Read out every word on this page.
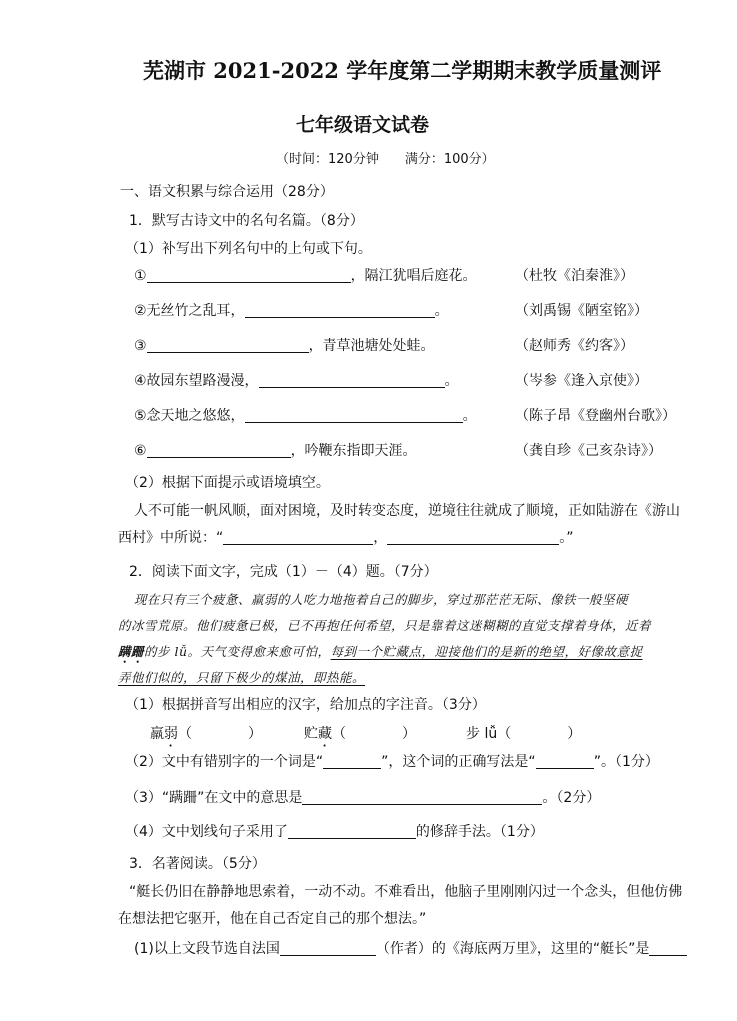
芜湖市 2021-2022 学年度第二学期期末教学质量测评
七年级语文试卷
（时间：120分钟　　满分：100分）
一、语文积累与综合运用（28分）
1．默写古诗文中的名句名篇。（8分）
（1）补写出下列名句中的上句或下句。
①	，隔江犹唱后庭花。	（杜牧《泊秦淮》）
②无丝竹之乱耳，	。	（刘禹锡《陋室铭》）
③	，青草池塘处处蛙。	（赵师秀《约客》）
④故园东望路漫漫，	。	（岑参《逢入京使》）
⑤念天地之悠悠，	。	（陈子昂《登幽州台歌》）
⑥	，吟鞭东指即天涯。	（龚自珍《己亥杂诗》）
（2）根据下面提示或语境填空。
人不可能一帆风顺，面对困境，及时转变态度，逆境往往就成了顺境，正如陆游在《游山
西村》中所说：“	，	。”
2．阅读下面文字，完成（1）－（4）题。（7分）
现在只有三个疲惫、羸弱的人吃力地拖着自己的脚步，穿过那茫茫无际、像铁一般坚硬
的冰雪荒原。他们疲惫已极，已不再抱任何希望，只是靠着这迷糊糊的直觉支撑着身体，近着
蹒跚的步 lǚ。天气变得愈来愈可怕，每到一个贮藏点，迎接他们的是新的绝望，好像故意捉
弄他们似的，只留下极少的煤油，即热能。
（1）根据拼音写出相应的汉字，给加点的字注音。（3分）
羸弱（	）	贮藏（	）	步 lǚ（	）
（2）文中有错别字的一个词是“	”，这个词的正确写法是“	”。（1分）
（3）“蹒跚”在文中的意思是	。（2分）
（4）文中划线句子采用了	的修辞手法。（1分）
3．名著阅读。（5分）
“艇长仍旧在静静地思索着，一动不动。不难看出，他脑子里刚刚闪过一个念头，但他仿佛
在想法把它驱开，他在自己否定自己的那个想法。”
(1)以上文段节选自法国	（作者）的《海底两万里》，这里的“艇长”是
